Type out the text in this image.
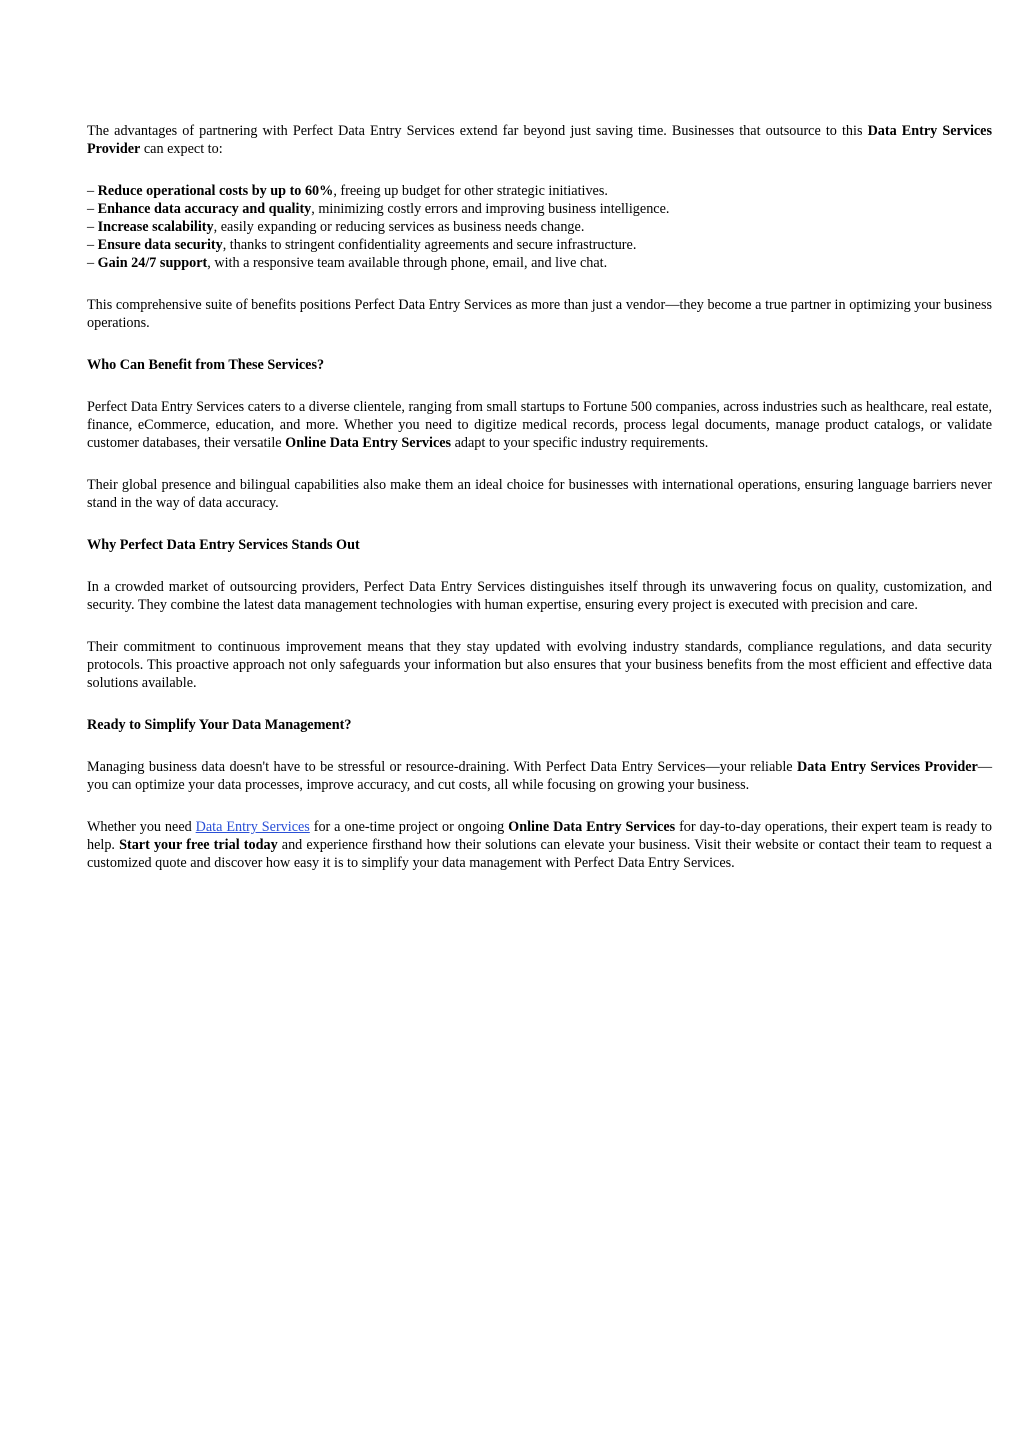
The advantages of partnering with Perfect Data Entry Services extend far beyond just saving time. Businesses that outsource to this Data Entry Services Provider can expect to:

– Reduce operational costs by up to 60%, freeing up budget for other strategic initiatives.
– Enhance data accuracy and quality, minimizing costly errors and improving business intelligence.
– Increase scalability, easily expanding or reducing services as business needs change.
– Ensure data security, thanks to stringent confidentiality agreements and secure infrastructure.
– Gain 24/7 support, with a responsive team available through phone, email, and live chat.

This comprehensive suite of benefits positions Perfect Data Entry Services as more than just a vendor—they become a true partner in optimizing your business operations.

Who Can Benefit from These Services?

Perfect Data Entry Services caters to a diverse clientele, ranging from small startups to Fortune 500 companies, across industries such as healthcare, real estate, finance, eCommerce, education, and more. Whether you need to digitize medical records, process legal documents, manage product catalogs, or validate customer databases, their versatile Online Data Entry Services adapt to your specific industry requirements.

Their global presence and bilingual capabilities also make them an ideal choice for businesses with international operations, ensuring language barriers never stand in the way of data accuracy.

Why Perfect Data Entry Services Stands Out

In a crowded market of outsourcing providers, Perfect Data Entry Services distinguishes itself through its unwavering focus on quality, customization, and security. They combine the latest data management technologies with human expertise, ensuring every project is executed with precision and care.

Their commitment to continuous improvement means that they stay updated with evolving industry standards, compliance regulations, and data security protocols. This proactive approach not only safeguards your information but also ensures that your business benefits from the most efficient and effective data solutions available.

Ready to Simplify Your Data Management?

Managing business data doesn't have to be stressful or resource-draining. With Perfect Data Entry Services—your reliable Data Entry Services Provider—you can optimize your data processes, improve accuracy, and cut costs, all while focusing on growing your business.

Whether you need Data Entry Services for a one-time project or ongoing Online Data Entry Services for day-to-day operations, their expert team is ready to help. Start your free trial today and experience firsthand how their solutions can elevate your business. Visit their website or contact their team to request a customized quote and discover how easy it is to simplify your data management with Perfect Data Entry Services.
